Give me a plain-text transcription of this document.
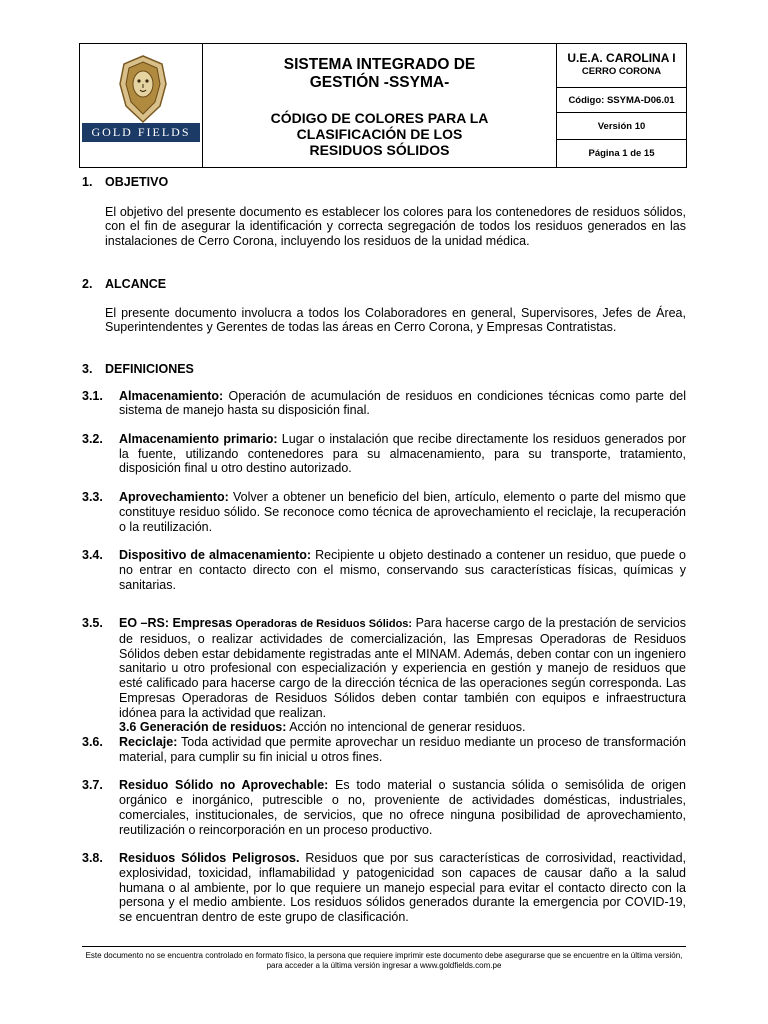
GOLD FIELDS
SISTEMA INTEGRADO DE GESTIÓN -SSYMA-
CÓDIGO DE COLORES PARA LA CLASIFICACIÓN DE LOS RESIDUOS SÓLIDOS
U.E.A. CAROLINA I
CERRO CORONA
Código: SSYMA-D06.01
Versión 10
Página 1 de 15
1.	OBJETIVO
El objetivo del presente documento es establecer los colores para los contenedores de residuos sólidos, con el fin de asegurar la identificación y correcta segregación de todos los residuos generados en las instalaciones de Cerro Corona, incluyendo los residuos de la unidad médica.
2.	ALCANCE
El presente documento involucra a todos los Colaboradores en general, Supervisores, Jefes de Área, Superintendentes y Gerentes de todas las áreas en Cerro Corona, y Empresas Contratistas.
3.	DEFINICIONES
3.1.	Almacenamiento: Operación de acumulación de residuos en condiciones técnicas como parte del sistema de manejo hasta su disposición final.
3.2.	Almacenamiento primario: Lugar o instalación que recibe directamente los residuos generados por la fuente, utilizando contenedores para su almacenamiento, para su transporte, tratamiento, disposición final u otro destino autorizado.
3.3.	Aprovechamiento: Volver a obtener un beneficio del bien, artículo, elemento o parte del mismo que constituye residuo sólido. Se reconoce como técnica de aprovechamiento el reciclaje, la recuperación o la reutilización.
3.4.	Dispositivo de almacenamiento: Recipiente u objeto destinado a contener un residuo, que puede o no entrar en contacto directo con el mismo, conservando sus características físicas, químicas y sanitarias.
3.5.	EO –RS: Empresas Operadoras de Residuos Sólidos: Para hacerse cargo de la prestación de servicios de residuos, o realizar actividades de comercialización, las Empresas Operadoras de Residuos Sólidos deben estar debidamente registradas ante el MINAM. Además, deben contar con un ingeniero sanitario u otro profesional con especialización y experiencia en gestión y manejo de residuos que esté calificado para hacerse cargo de la dirección técnica de las operaciones según corresponda. Las Empresas Operadoras de Residuos Sólidos deben contar también con equipos e infraestructura idónea para la actividad que realizan.
3.6 Generación de residuos: Acción no intencional de generar residuos.
3.6.	Reciclaje: Toda actividad que permite aprovechar un residuo mediante un proceso de transformación material, para cumplir su fin inicial u otros fines.
3.7.	Residuo Sólido no Aprovechable: Es todo material o sustancia sólida o semisólida de origen orgánico e inorgánico, putrescible o no, proveniente de actividades domésticas, industriales, comerciales, institucionales, de servicios, que no ofrece ninguna posibilidad de aprovechamiento, reutilización o reincorporación en un proceso productivo.
3.8.	Residuos Sólidos Peligrosos. Residuos que por sus características de corrosividad, reactividad, explosividad, toxicidad, inflamabilidad y patogenicidad son capaces de causar daño a la salud humana o al ambiente, por lo que requiere un manejo especial para evitar el contacto directo con la persona y el medio ambiente. Los residuos sólidos generados durante la emergencia por COVID-19, se encuentran dentro de este grupo de clasificación.
Este documento no se encuentra controlado en formato físico, la persona que requiere imprimir este documento debe asegurarse que se encuentre en la última versión, para acceder a la última versión ingresar a www.goldfields.com.pe
